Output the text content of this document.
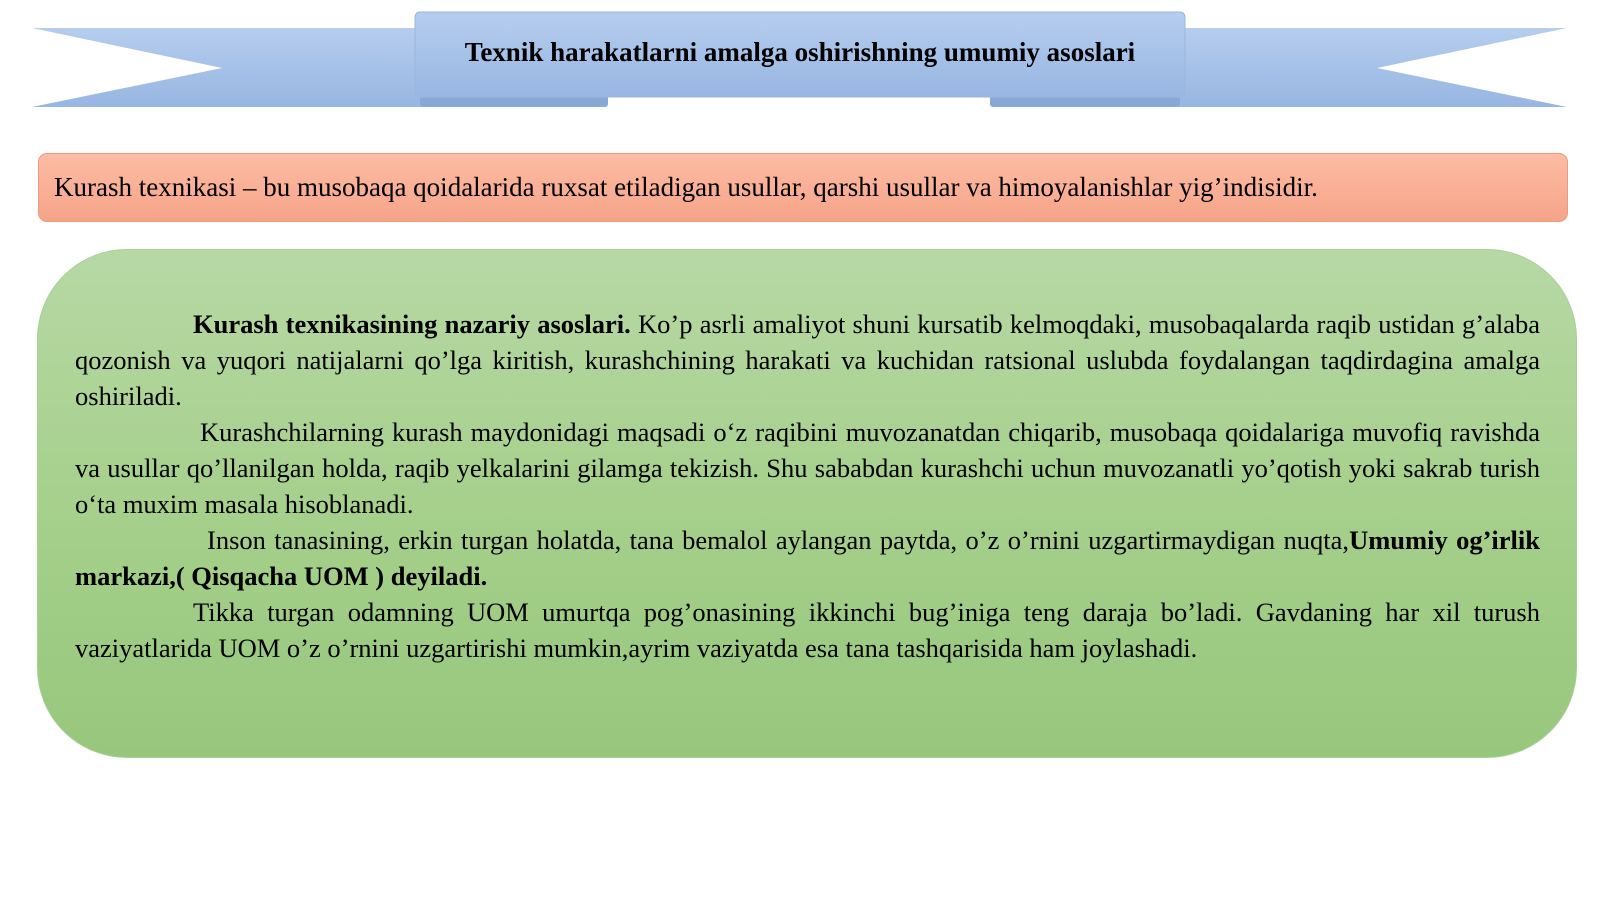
Texnik harakatlarni amalga oshirishning umumiy asoslari
Kurash texnikasi – bu musobaqa qoidalarida ruxsat etiladigan usullar, qarshi usullar va himoyalanishlar yig’indisidir.

Kurash texnikasining nazariy asoslari. Ko’p asrli amaliyot shuni kursatib kelmoqdaki, musobaqalarda raqib ustidan g’alaba qozonish va yuqori natijalarni qo’lga kiritish, kurashchining harakati va kuchidan ratsional uslubda foydalangan taqdirdagina amalga oshiriladi.

Kurashchilarning kurash maydonidagi maqsadi o‘z raqibini muvozanatdan chiqarib, musobaqa qoidalariga muvofiq ravishda va usullar qo’llanilgan holda, raqib yelkalarini gilamga tekizish. Shu sababdan kurashchi uchun muvozanatli yo’qotish yoki sakrab turish o‘ta muxim masala hisoblanadi.

Inson tanasining, erkin turgan holatda, tana bemalol aylangan paytda, o’z o’rnini uzgartirmaydigan nuqta,Umumiy og’irlik markazi,( Qisqacha UOM ) deyiladi.

Tikka turgan odamning UOM umurtqa pog’onasining ikkinchi bug’iniga teng daraja bo’ladi. Gavdaning har xil turush vaziyatlarida UOM o’z o’rnini uzgartirishi mumkin,ayrim vaziyatda esa tana tashqarisida ham joylashadi.
